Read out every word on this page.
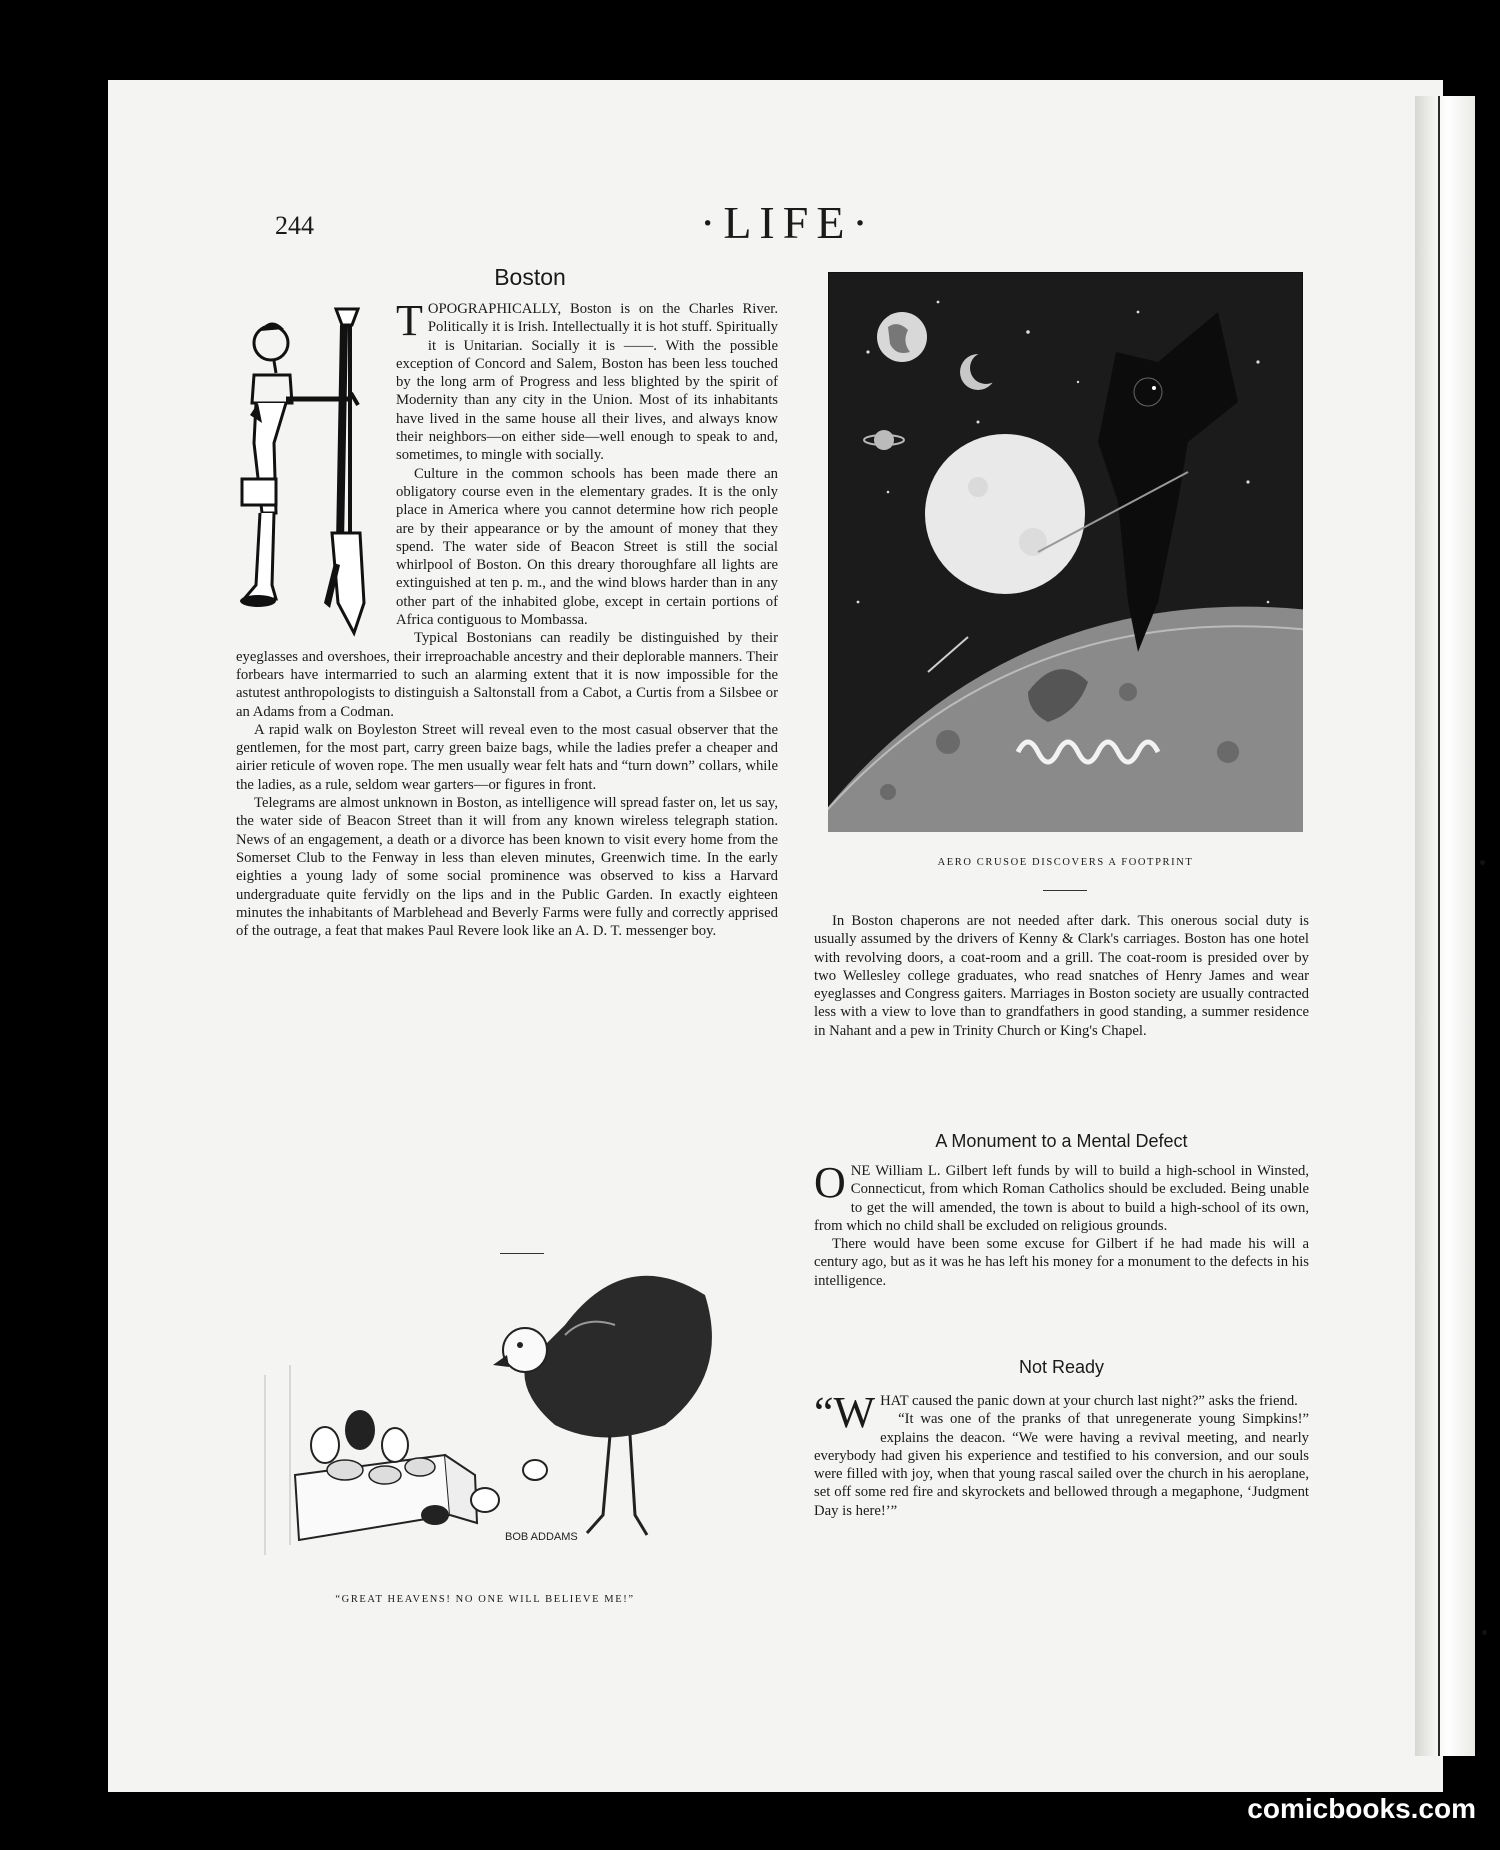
244	·LIFE·
Boston

TOPOGRAPHICALLY, Boston is on the Charles River. Politically it is Irish. Intellectually it is hot stuff. Spiritually it is Unitarian. Socially it is ——. With the possible exception of Concord and Salem, Boston has been less touched by the long arm of Progress and less blighted by the spirit of Modernity than any city in the Union. Most of its inhabitants have lived in the same house all their lives, and always know their neighbors—on either side—well enough to speak to and, sometimes, to mingle with socially.

Culture in the common schools has been made there an obligatory course even in the elementary grades. It is the only place in America where you cannot determine how rich people are by their appearance or by the amount of money that they spend. The water side of Beacon Street is still the social whirlpool of Boston. On this dreary thoroughfare all lights are extinguished at ten p. m., and the wind blows harder than in any other part of the inhabited globe, except in certain portions of Africa contiguous to Mombassa.

Typical Bostonians can readily be distinguished by their eyeglasses and overshoes, their irreproachable ancestry and their deplorable manners. Their forbears have intermarried to such an alarming extent that it is now impossible for the astutest anthropologists to distinguish a Saltonstall from a Cabot, a Curtis from a Silsbee or an Adams from a Codman.

A rapid walk on Boyleston Street will reveal even to the most casual observer that the gentlemen, for the most part, carry green baize bags, while the ladies prefer a cheaper and airier reticule of woven rope. The men usually wear felt hats and “turn down” collars, while the ladies, as a rule, seldom wear garters—or figures in front.

Telegrams are almost unknown in Boston, as intelligence will spread faster on, let us say, the water side of Beacon Street than it will from any known wireless telegraph station. News of an engagement, a death or a divorce has been known to visit every home from the Somerset Club to the Fenway in less than eleven minutes, Greenwich time. In the early eighties a young lady of some social prominence was observed to kiss a Harvard undergraduate quite fervidly on the lips and in the Public Garden. In exactly eighteen minutes the inhabitants of Marblehead and Beverly Farms were fully and correctly apprised of the outrage, a feat that makes Paul Revere look like an A. D. T. messenger boy.

AERO CRUSOE DISCOVERS A FOOTPRINT

In Boston chaperons are not needed after dark. This onerous social duty is usually assumed by the drivers of Kenny & Clark's carriages. Boston has one hotel with revolving doors, a coat-room and a grill. The coat-room is presided over by two Wellesley college graduates, who read snatches of Henry James and wear eyeglasses and Congress gaiters. Marriages in Boston society are usually contracted less with a view to love than to grandfathers in good standing, a summer residence in Nahant and a pew in Trinity Church or King's Chapel.

A Monument to a Mental Defect

ONE William L. Gilbert left funds by will to build a high-school in Winsted, Connecticut, from which Roman Catholics should be excluded. Being unable to get the will amended, the town is about to build a high-school of its own, from which no child shall be excluded on religious grounds.

There would have been some excuse for Gilbert if he had made his will a century ago, but as it was he has left his money for a monument to the defects in his intelligence.

Not Ready

“WHAT caused the panic down at your church last night?” asks the friend.

“It was one of the pranks of that unregenerate young Simpkins!” explains the deacon. “We were having a revival meeting, and nearly everybody had given his experience and testified to his conversion, and our souls were filled with joy, when that young rascal sailed over the church in his aeroplane, set off some red fire and skyrockets and bellowed through a megaphone, ‘Judgment Day is here!’”

BOB ADDAMS
“GREAT HEAVENS! NO ONE WILL BELIEVE ME!”
comicbooks.com
